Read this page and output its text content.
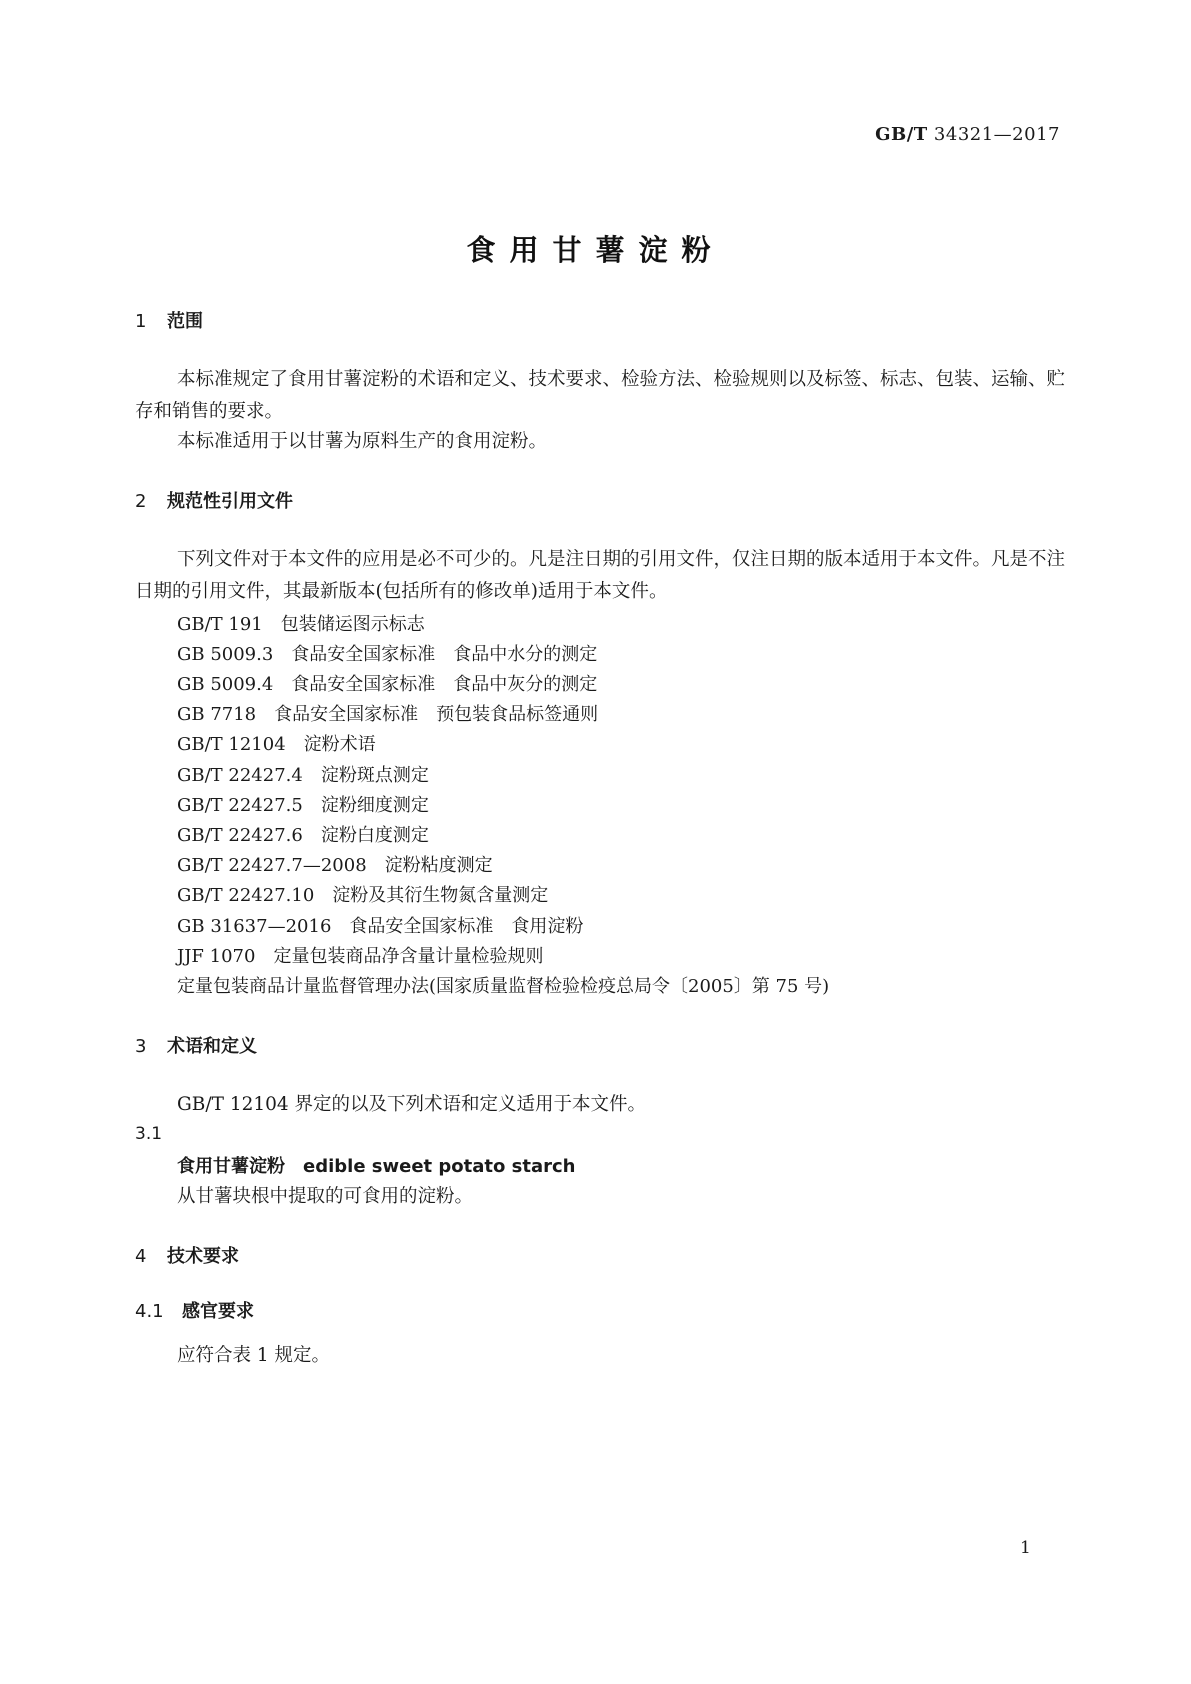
GB/T 34321—2017
食用甘薯淀粉
1 范围
本标准规定了食用甘薯淀粉的术语和定义、技术要求、检验方法、检验规则以及标签、标志、包装、运输、贮存和销售的要求。
本标准适用于以甘薯为原料生产的食用淀粉。
2 规范性引用文件
下列文件对于本文件的应用是必不可少的。凡是注日期的引用文件，仅注日期的版本适用于本文件。凡是不注日期的引用文件，其最新版本(包括所有的修改单)适用于本文件。
GB/T 191　包装储运图示标志
GB 5009.3　食品安全国家标准　食品中水分的测定
GB 5009.4　食品安全国家标准　食品中灰分的测定
GB 7718　食品安全国家标准　预包装食品标签通则
GB/T 12104　淀粉术语
GB/T 22427.4　淀粉斑点测定
GB/T 22427.5　淀粉细度测定
GB/T 22427.6　淀粉白度测定
GB/T 22427.7—2008　淀粉粘度测定
GB/T 22427.10　淀粉及其衍生物氮含量测定
GB 31637—2016　食品安全国家标准　食用淀粉
JJF 1070　定量包装商品净含量计量检验规则
定量包装商品计量监督管理办法(国家质量监督检验检疫总局令〔2005〕第 75 号)
3 术语和定义
GB/T 12104 界定的以及下列术语和定义适用于本文件。
3.1
食用甘薯淀粉　edible sweet potato starch
从甘薯块根中提取的可食用的淀粉。
4 技术要求
4.1 感官要求
应符合表 1 规定。
1
